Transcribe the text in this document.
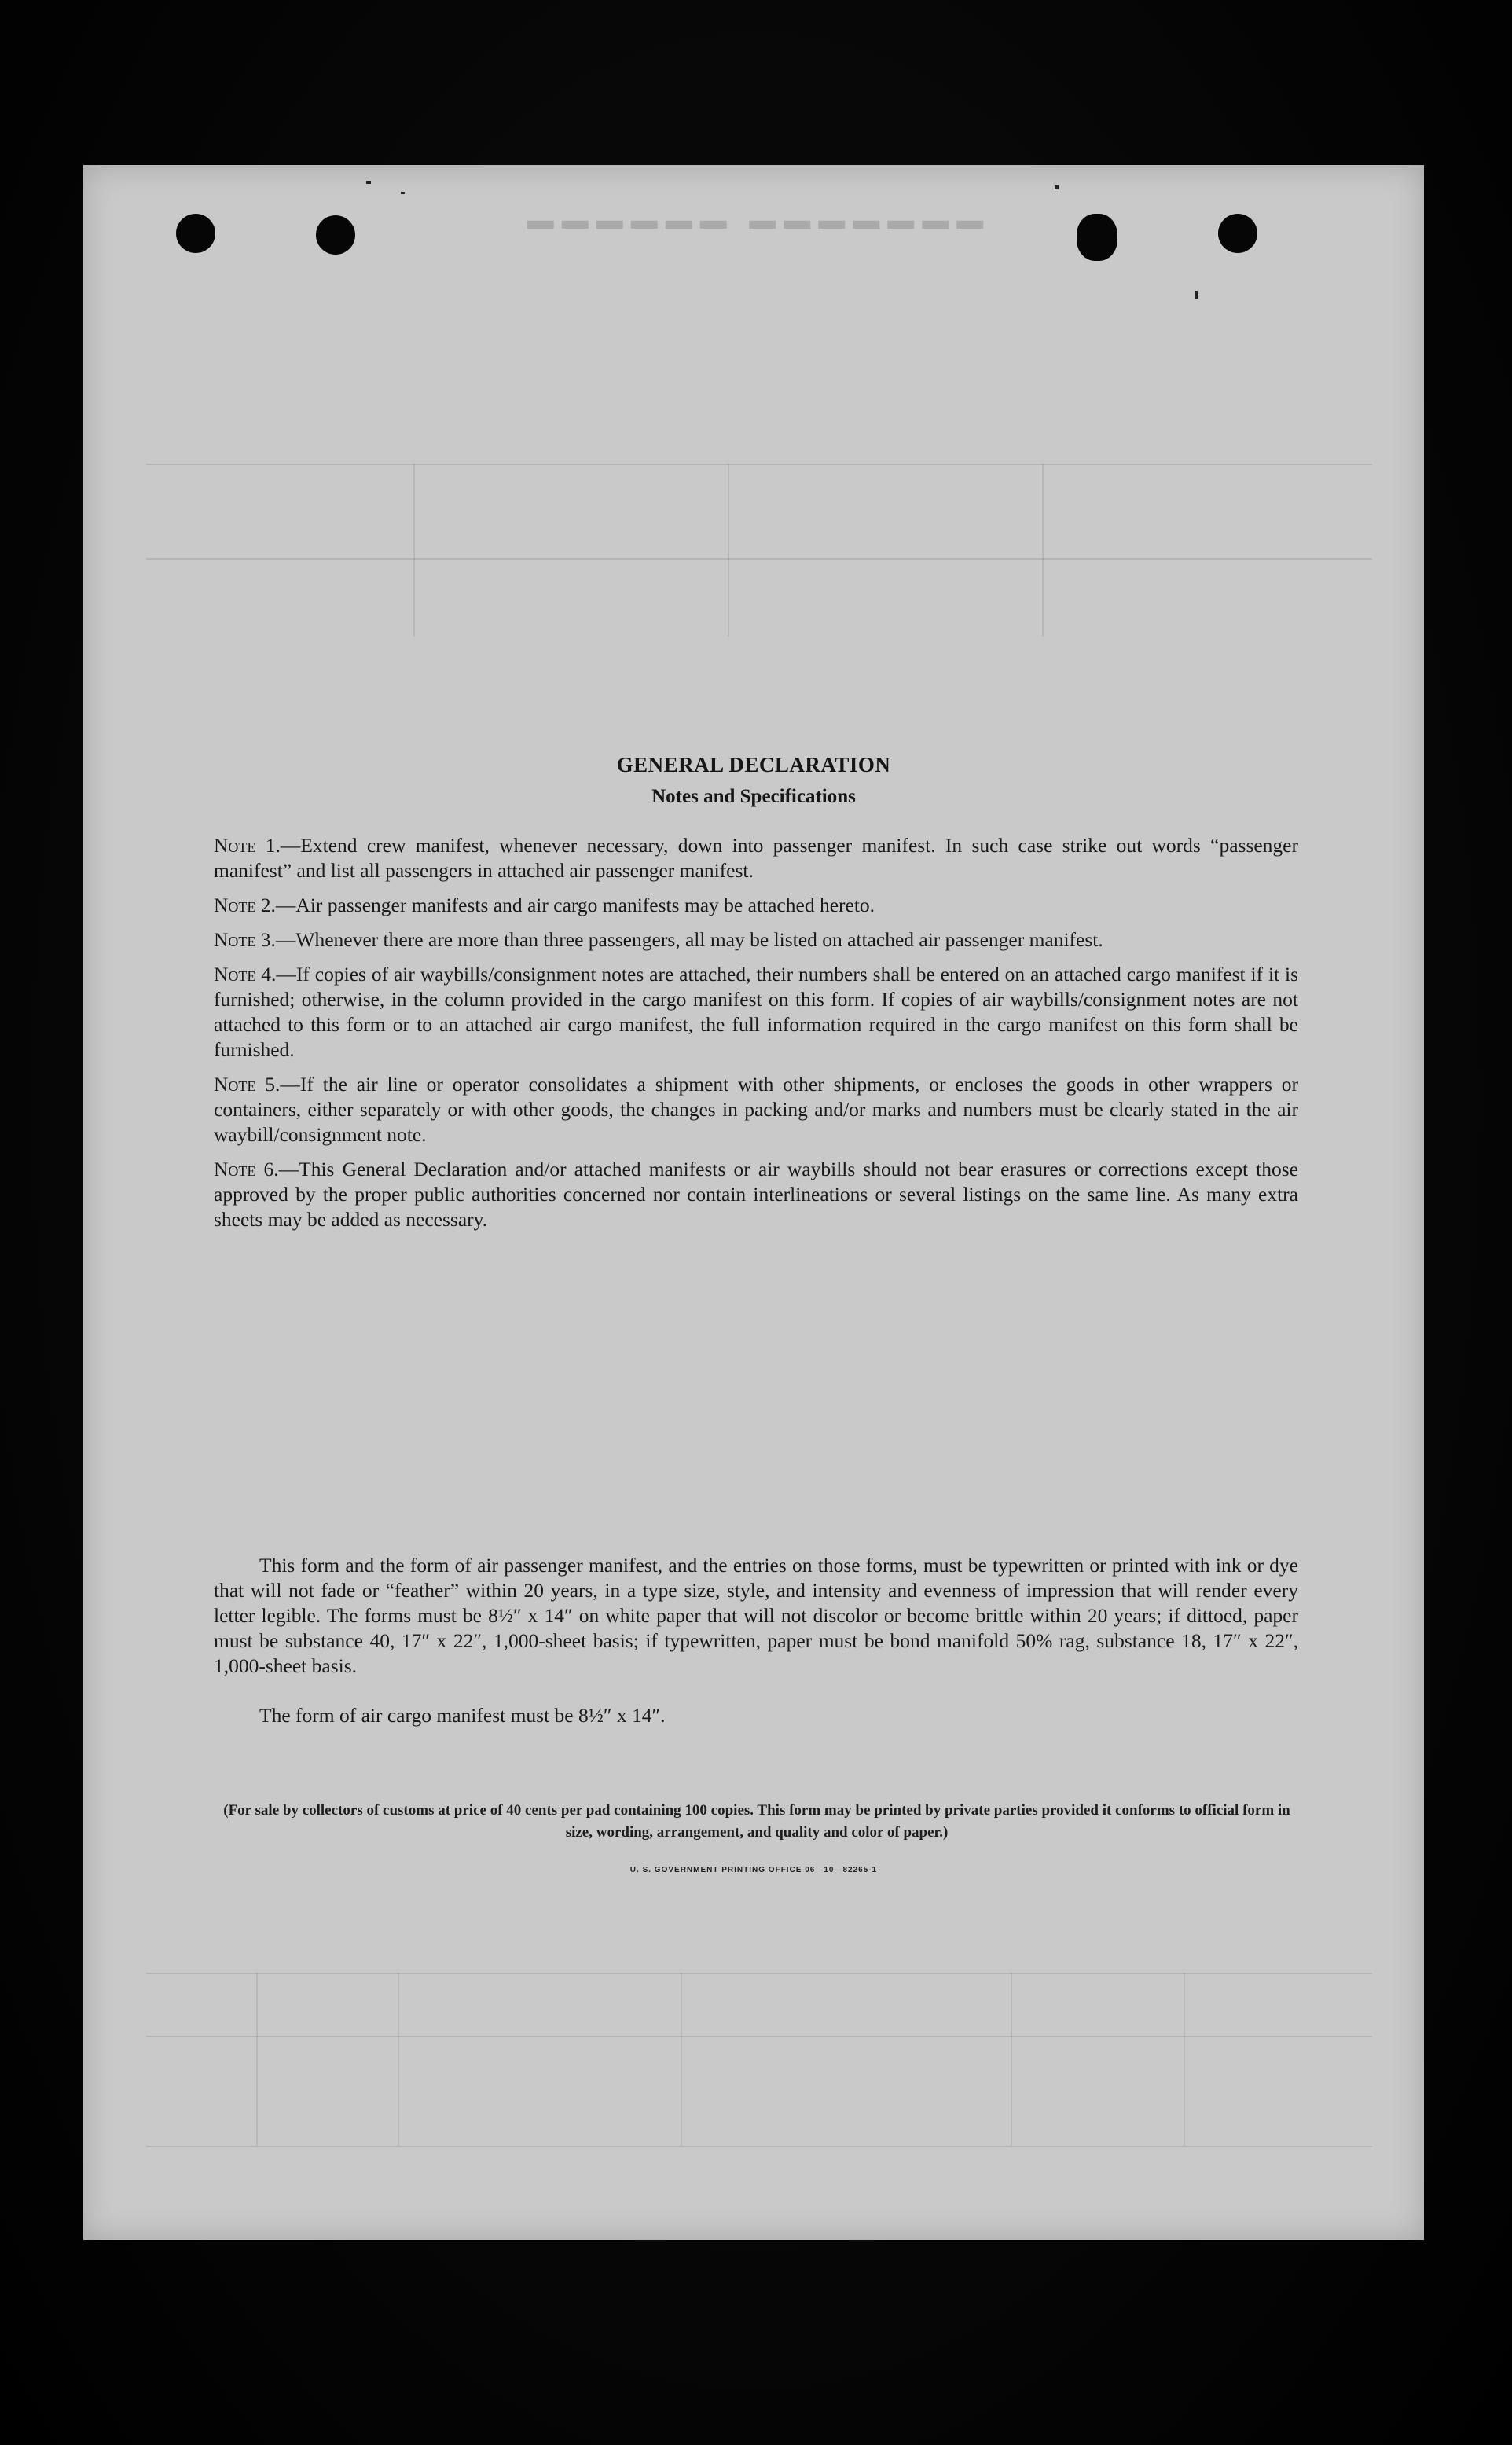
▬▬▬▬▬▬ ▬▬▬▬▬▬▬
GENERAL DECLARATION
Notes and Specifications
Note 1.—Extend crew manifest, whenever necessary, down into passenger manifest. In such case strike out words “passenger manifest” and list all passengers in attached air passenger manifest.
Note 2.—Air passenger manifests and air cargo manifests may be attached hereto.
Note 3.—Whenever there are more than three passengers, all may be listed on attached air passenger manifest.
Note 4.—If copies of air waybills/consignment notes are attached, their numbers shall be entered on an attached cargo manifest if it is furnished; otherwise, in the column provided in the cargo manifest on this form. If copies of air waybills/consignment notes are not attached to this form or to an attached air cargo manifest, the full information required in the cargo manifest on this form shall be furnished.
Note 5.—If the air line or operator consolidates a shipment with other shipments, or encloses the goods in other wrappers or containers, either separately or with other goods, the changes in packing and/or marks and numbers must be clearly stated in the air waybill/consignment note.
Note 6.—This General Declaration and/or attached manifests or air waybills should not bear erasures or corrections except those approved by the proper public authorities concerned nor contain interlineations or several listings on the same line. As many extra sheets may be added as necessary.
This form and the form of air passenger manifest, and the entries on those forms, must be typewritten or printed with ink or dye that will not fade or “feather” within 20 years, in a type size, style, and intensity and evenness of impression that will render every letter legible. The forms must be 8½″ x 14″ on white paper that will not discolor or become brittle within 20 years; if dittoed, paper must be substance 40, 17″ x 22″, 1,000-sheet basis; if typewritten, paper must be bond manifold 50% rag, substance 18, 17″ x 22″, 1,000-sheet basis.
The form of air cargo manifest must be 8½″ x 14″.
(For sale by collectors of customs at price of 40 cents per pad containing 100 copies. This form may be printed by private parties provided it conforms to official form in size, wording, arrangement, and quality and color of paper.)
U. S. GOVERNMENT PRINTING OFFICE 06—10—82265-1
